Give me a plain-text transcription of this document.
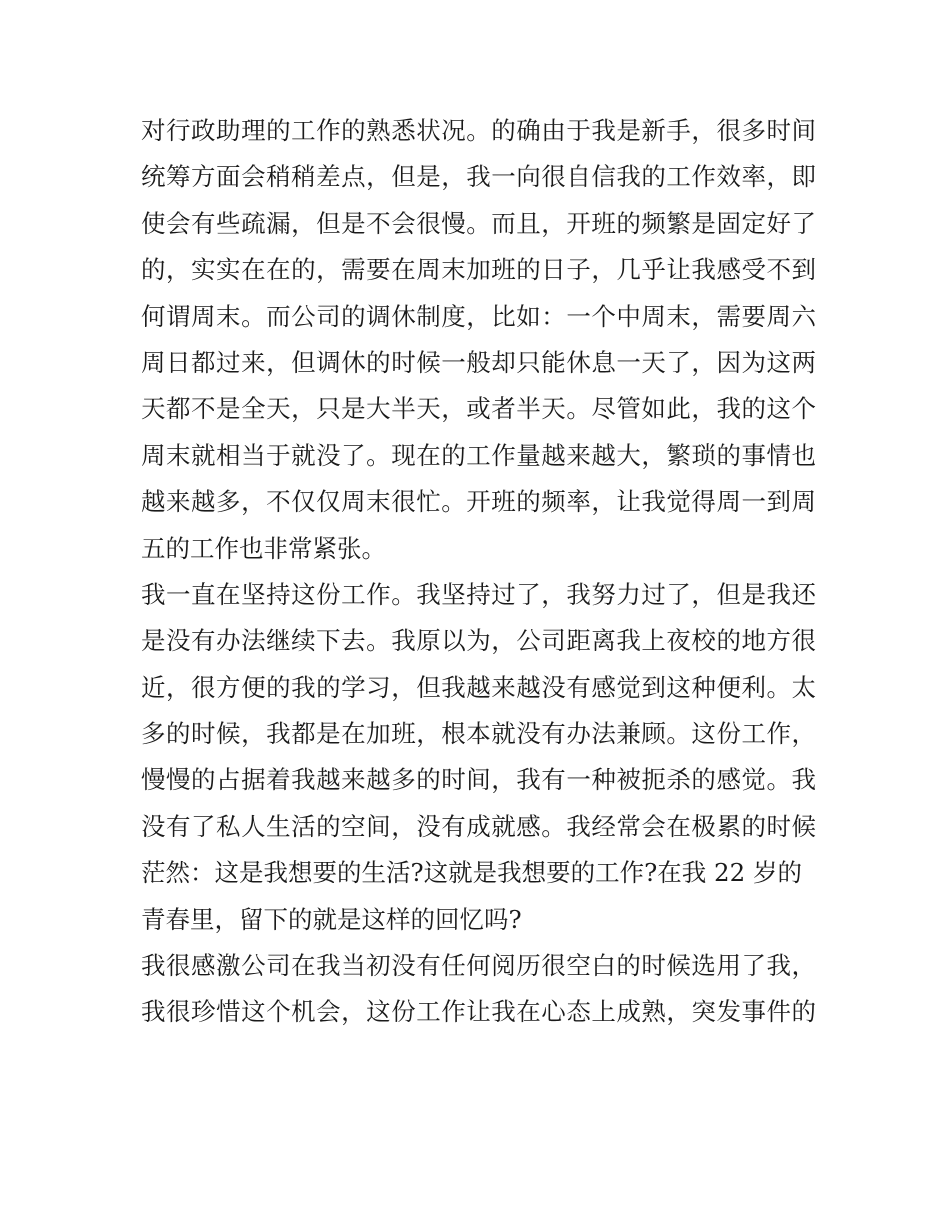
对行政助理的工作的熟悉状况。的确由于我是新手，很多时间
统筹方面会稍稍差点，但是，我一向很自信我的工作效率，即
使会有些疏漏，但是不会很慢。而且，开班的频繁是固定好了
的，实实在在的，需要在周末加班的日子，几乎让我感受不到
何谓周末。而公司的调休制度，比如：一个中周末，需要周六
周日都过来，但调休的时候一般却只能休息一天了，因为这两
天都不是全天，只是大半天，或者半天。尽管如此，我的这个
周末就相当于就没了。现在的工作量越来越大，繁琐的事情也
越来越多，不仅仅周末很忙。开班的频率，让我觉得周一到周
五的工作也非常紧张。
我一直在坚持这份工作。我坚持过了，我努力过了，但是我还
是没有办法继续下去。我原以为，公司距离我上夜校的地方很
近，很方便的我的学习，但我越来越没有感觉到这种便利。太
多的时候，我都是在加班，根本就没有办法兼顾。这份工作，
慢慢的占据着我越来越多的时间，我有一种被扼杀的感觉。我
没有了私人生活的空间，没有成就感。我经常会在极累的时候
茫然：这是我想要的生活?这就是我想要的工作?在我 22 岁的
青春里，留下的就是这样的回忆吗?
我很感激公司在我当初没有任何阅历很空白的时候选用了我，
我很珍惜这个机会，这份工作让我在心态上成熟，突发事件的
